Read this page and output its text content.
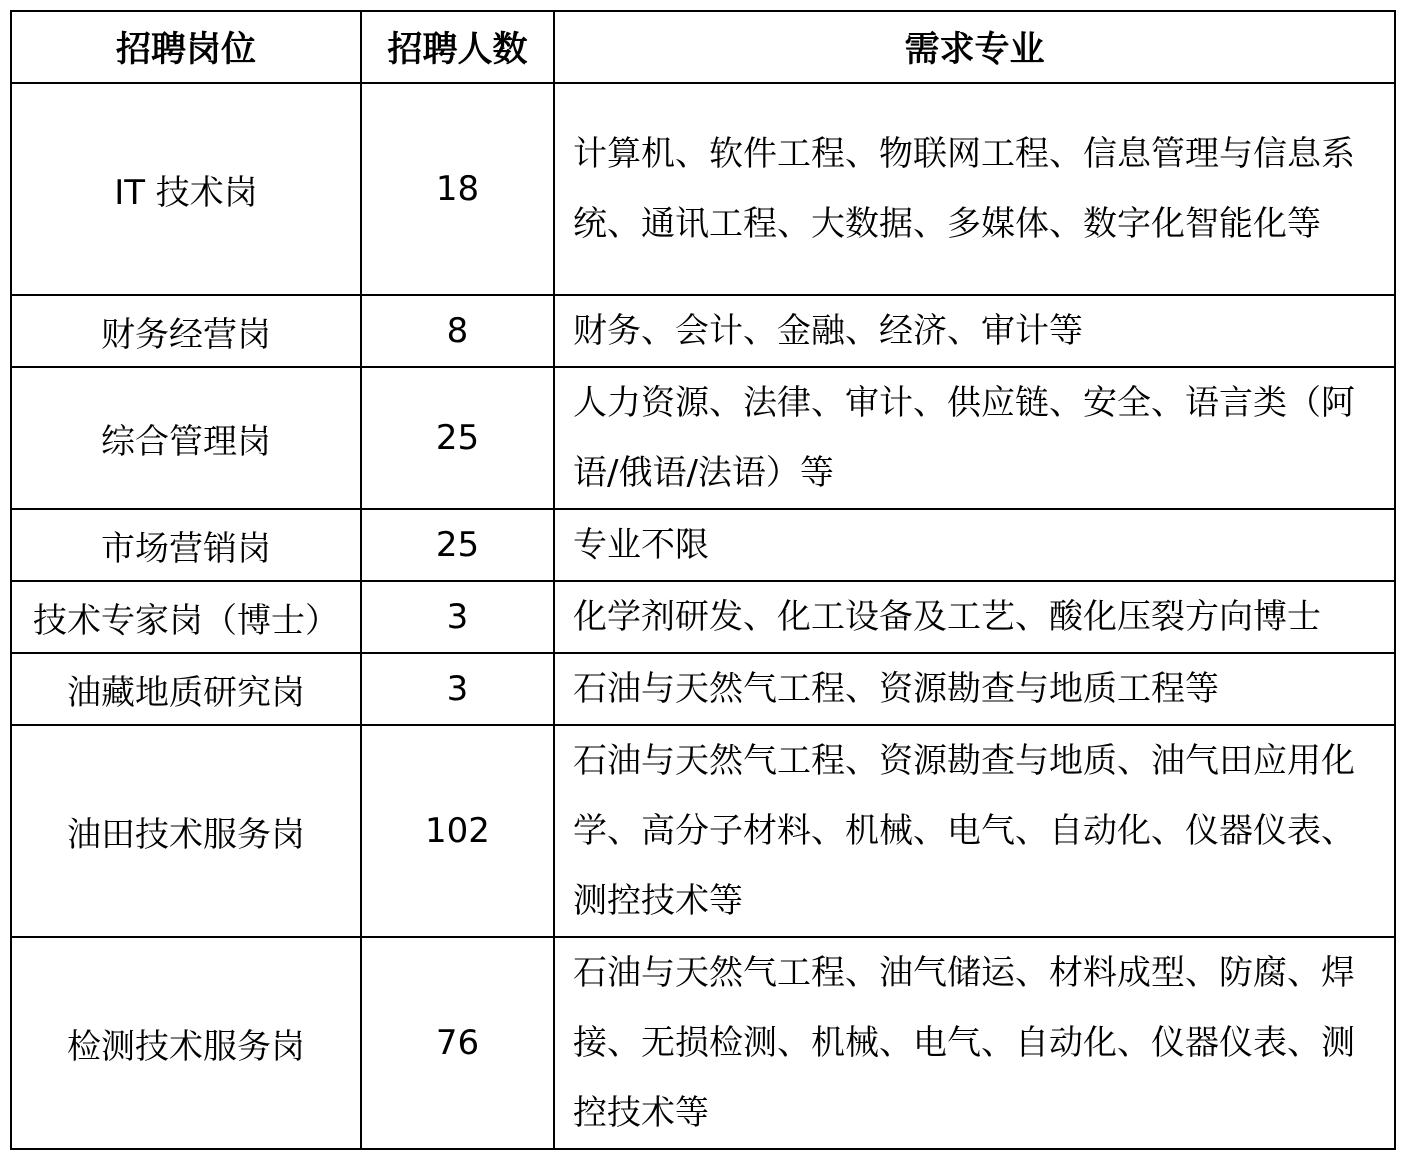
招聘岗位	招聘人数	需求专业
IT 技术岗	18	计算机、软件工程、物联网工程、信息管理与信息系统、通讯工程、大数据、多媒体、数字化智能化等
财务经营岗	8	财务、会计、金融、经济、审计等
综合管理岗	25	人力资源、法律、审计、供应链、安全、语言类（阿语/俄语/法语）等
市场营销岗	25	专业不限
技术专家岗（博士）	3	化学剂研发、化工设备及工艺、酸化压裂方向博士
油藏地质研究岗	3	石油与天然气工程、资源勘查与地质工程等
油田技术服务岗	102	石油与天然气工程、资源勘查与地质、油气田应用化学、高分子材料、机械、电气、自动化、仪器仪表、测控技术等
检测技术服务岗	76	石油与天然气工程、油气储运、材料成型、防腐、焊接、无损检测、机械、电气、自动化、仪器仪表、测控技术等
